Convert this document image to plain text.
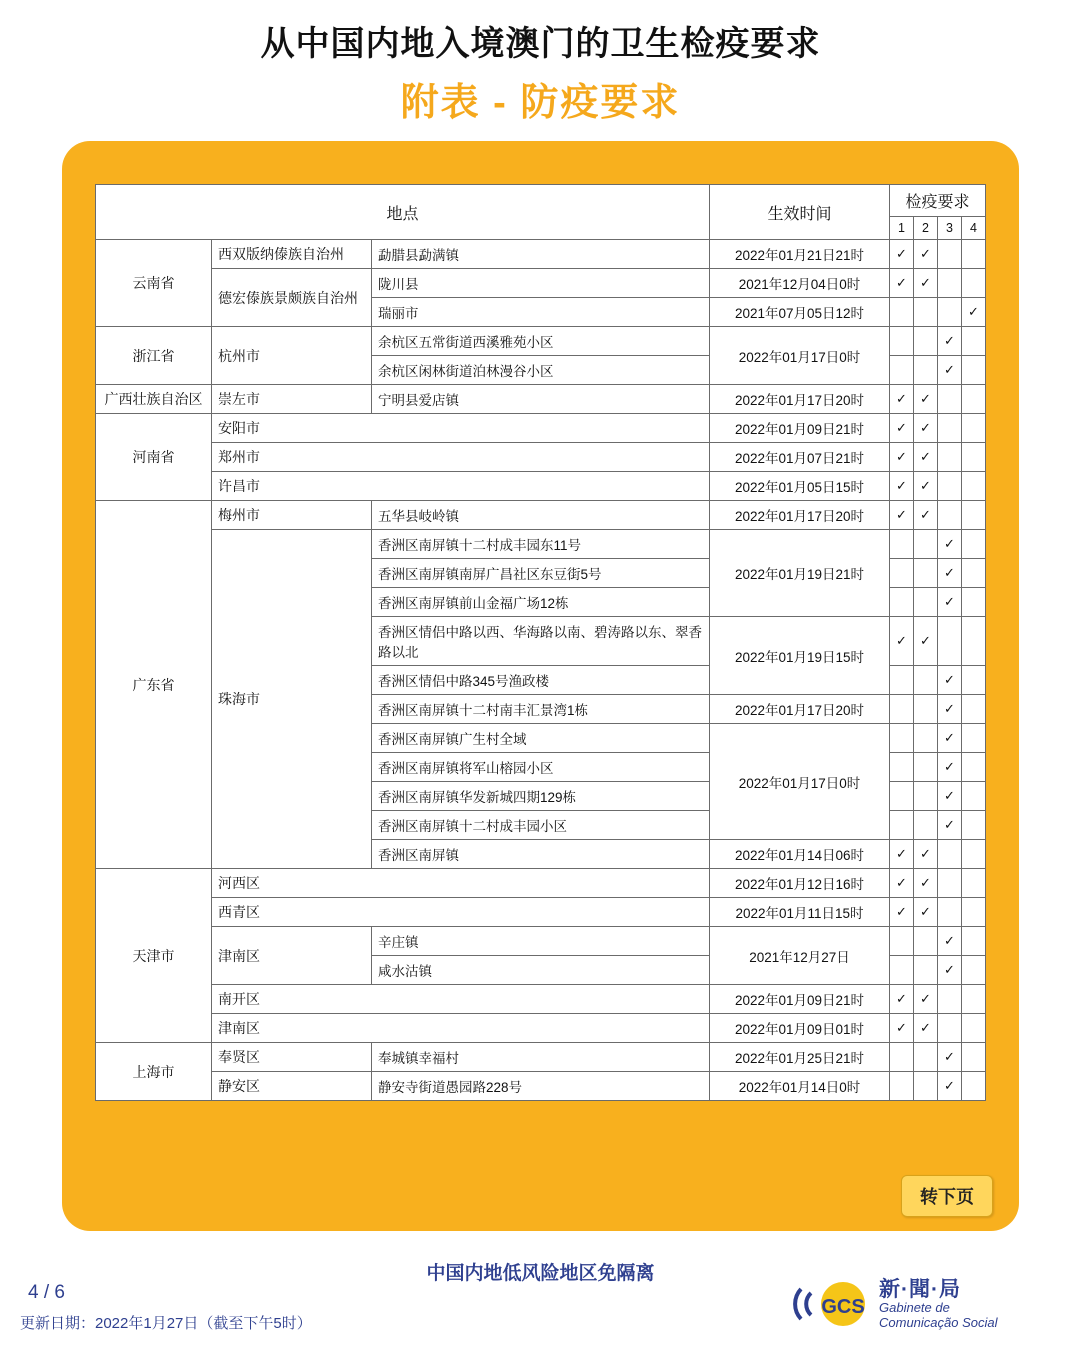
从中国内地入境澳门的卫生检疫要求
附表 - 防疫要求
地点			生效时间	检疫要求			
				1	2	3	4
云南省	西双版纳傣族自治州	勐腊县勐满镇	2022年01月21日21时	✓	✓		
	德宏傣族景颇族自治州	陇川县	2021年12月04日0时	✓	✓		
		瑞丽市	2021年07月05日12时				✓
浙江省	杭州市	余杭区五常街道西溪雅苑小区	2022年01月17日0时			✓	
		余杭区闲林街道泊林漫谷小区				✓	
广西壮族自治区	崇左市	宁明县爱店镇	2022年01月17日20时	✓	✓		
河南省	安阳市		2022年01月09日21时	✓	✓		
	郑州市		2022年01月07日21时	✓	✓		
	许昌市		2022年01月05日15时	✓	✓		
广东省	梅州市	五华县岐岭镇	2022年01月17日20时	✓	✓		
	珠海市	香洲区南屏镇十二村成丰园东11号	2022年01月19日21时			✓	
		香洲区南屏镇南屏广昌社区东豆街5号				✓	
		香洲区南屏镇前山金福广场12栋				✓	
		香洲区情侣中路以西、华海路以南、碧涛路以东、翠香路以北	2022年01月19日15时	✓	✓		
		香洲区情侣中路345号渔政楼				✓	
		香洲区南屏镇十二村南丰汇景湾1栋	2022年01月17日20时			✓	
		香洲区南屏镇广生村全域	2022年01月17日0时			✓	
		香洲区南屏镇将军山榕园小区				✓	
		香洲区南屏镇华发新城四期129栋				✓	
		香洲区南屏镇十二村成丰园小区				✓	
		香洲区南屏镇	2022年01月14日06时	✓	✓		
天津市	河西区		2022年01月12日16时	✓	✓		
	西青区		2022年01月11日15时	✓	✓		
	津南区	辛庄镇	2021年12月27日			✓	
		咸水沽镇				✓	
	南开区		2022年01月09日21时	✓	✓		
	津南区		2022年01月09日01时	✓	✓		
上海市	奉贤区	奉城镇幸福村	2022年01月25日21时			✓	
	静安区	静安寺街道愚园路228号	2022年01月14日0时			✓	
转下页
中国内地低风险地区免隔离
4 / 6
更新日期：2022年1月27日（截至下午5时）
GCS
新·聞·局
Gabinete de
Comunicação Social
